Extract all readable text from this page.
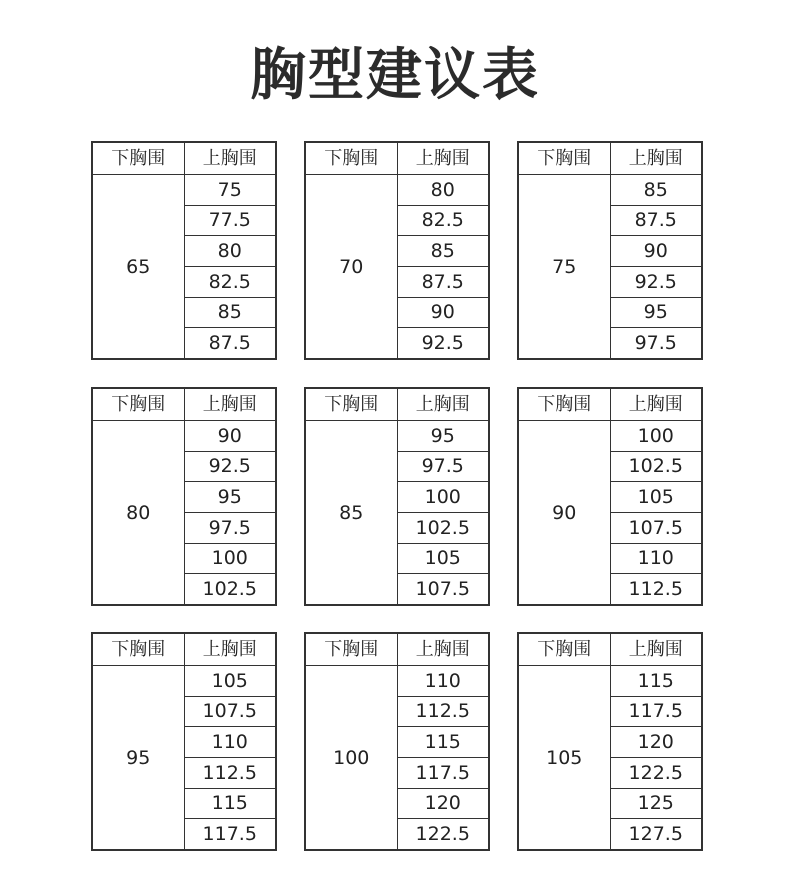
胸型建议表
下胸围	上胸围
65	75
	77.5
	80
	82.5
	85
	87.5
下胸围	上胸围
70	80
	82.5
	85
	87.5
	90
	92.5
下胸围	上胸围
75	85
	87.5
	90
	92.5
	95
	97.5
下胸围	上胸围
80	90
	92.5
	95
	97.5
	100
	102.5
下胸围	上胸围
85	95
	97.5
	100
	102.5
	105
	107.5
下胸围	上胸围
90	100
	102.5
	105
	107.5
	110
	112.5
下胸围	上胸围
95	105
	107.5
	110
	112.5
	115
	117.5
下胸围	上胸围
100	110
	112.5
	115
	117.5
	120
	122.5
下胸围	上胸围
105	115
	117.5
	120
	122.5
	125
	127.5
